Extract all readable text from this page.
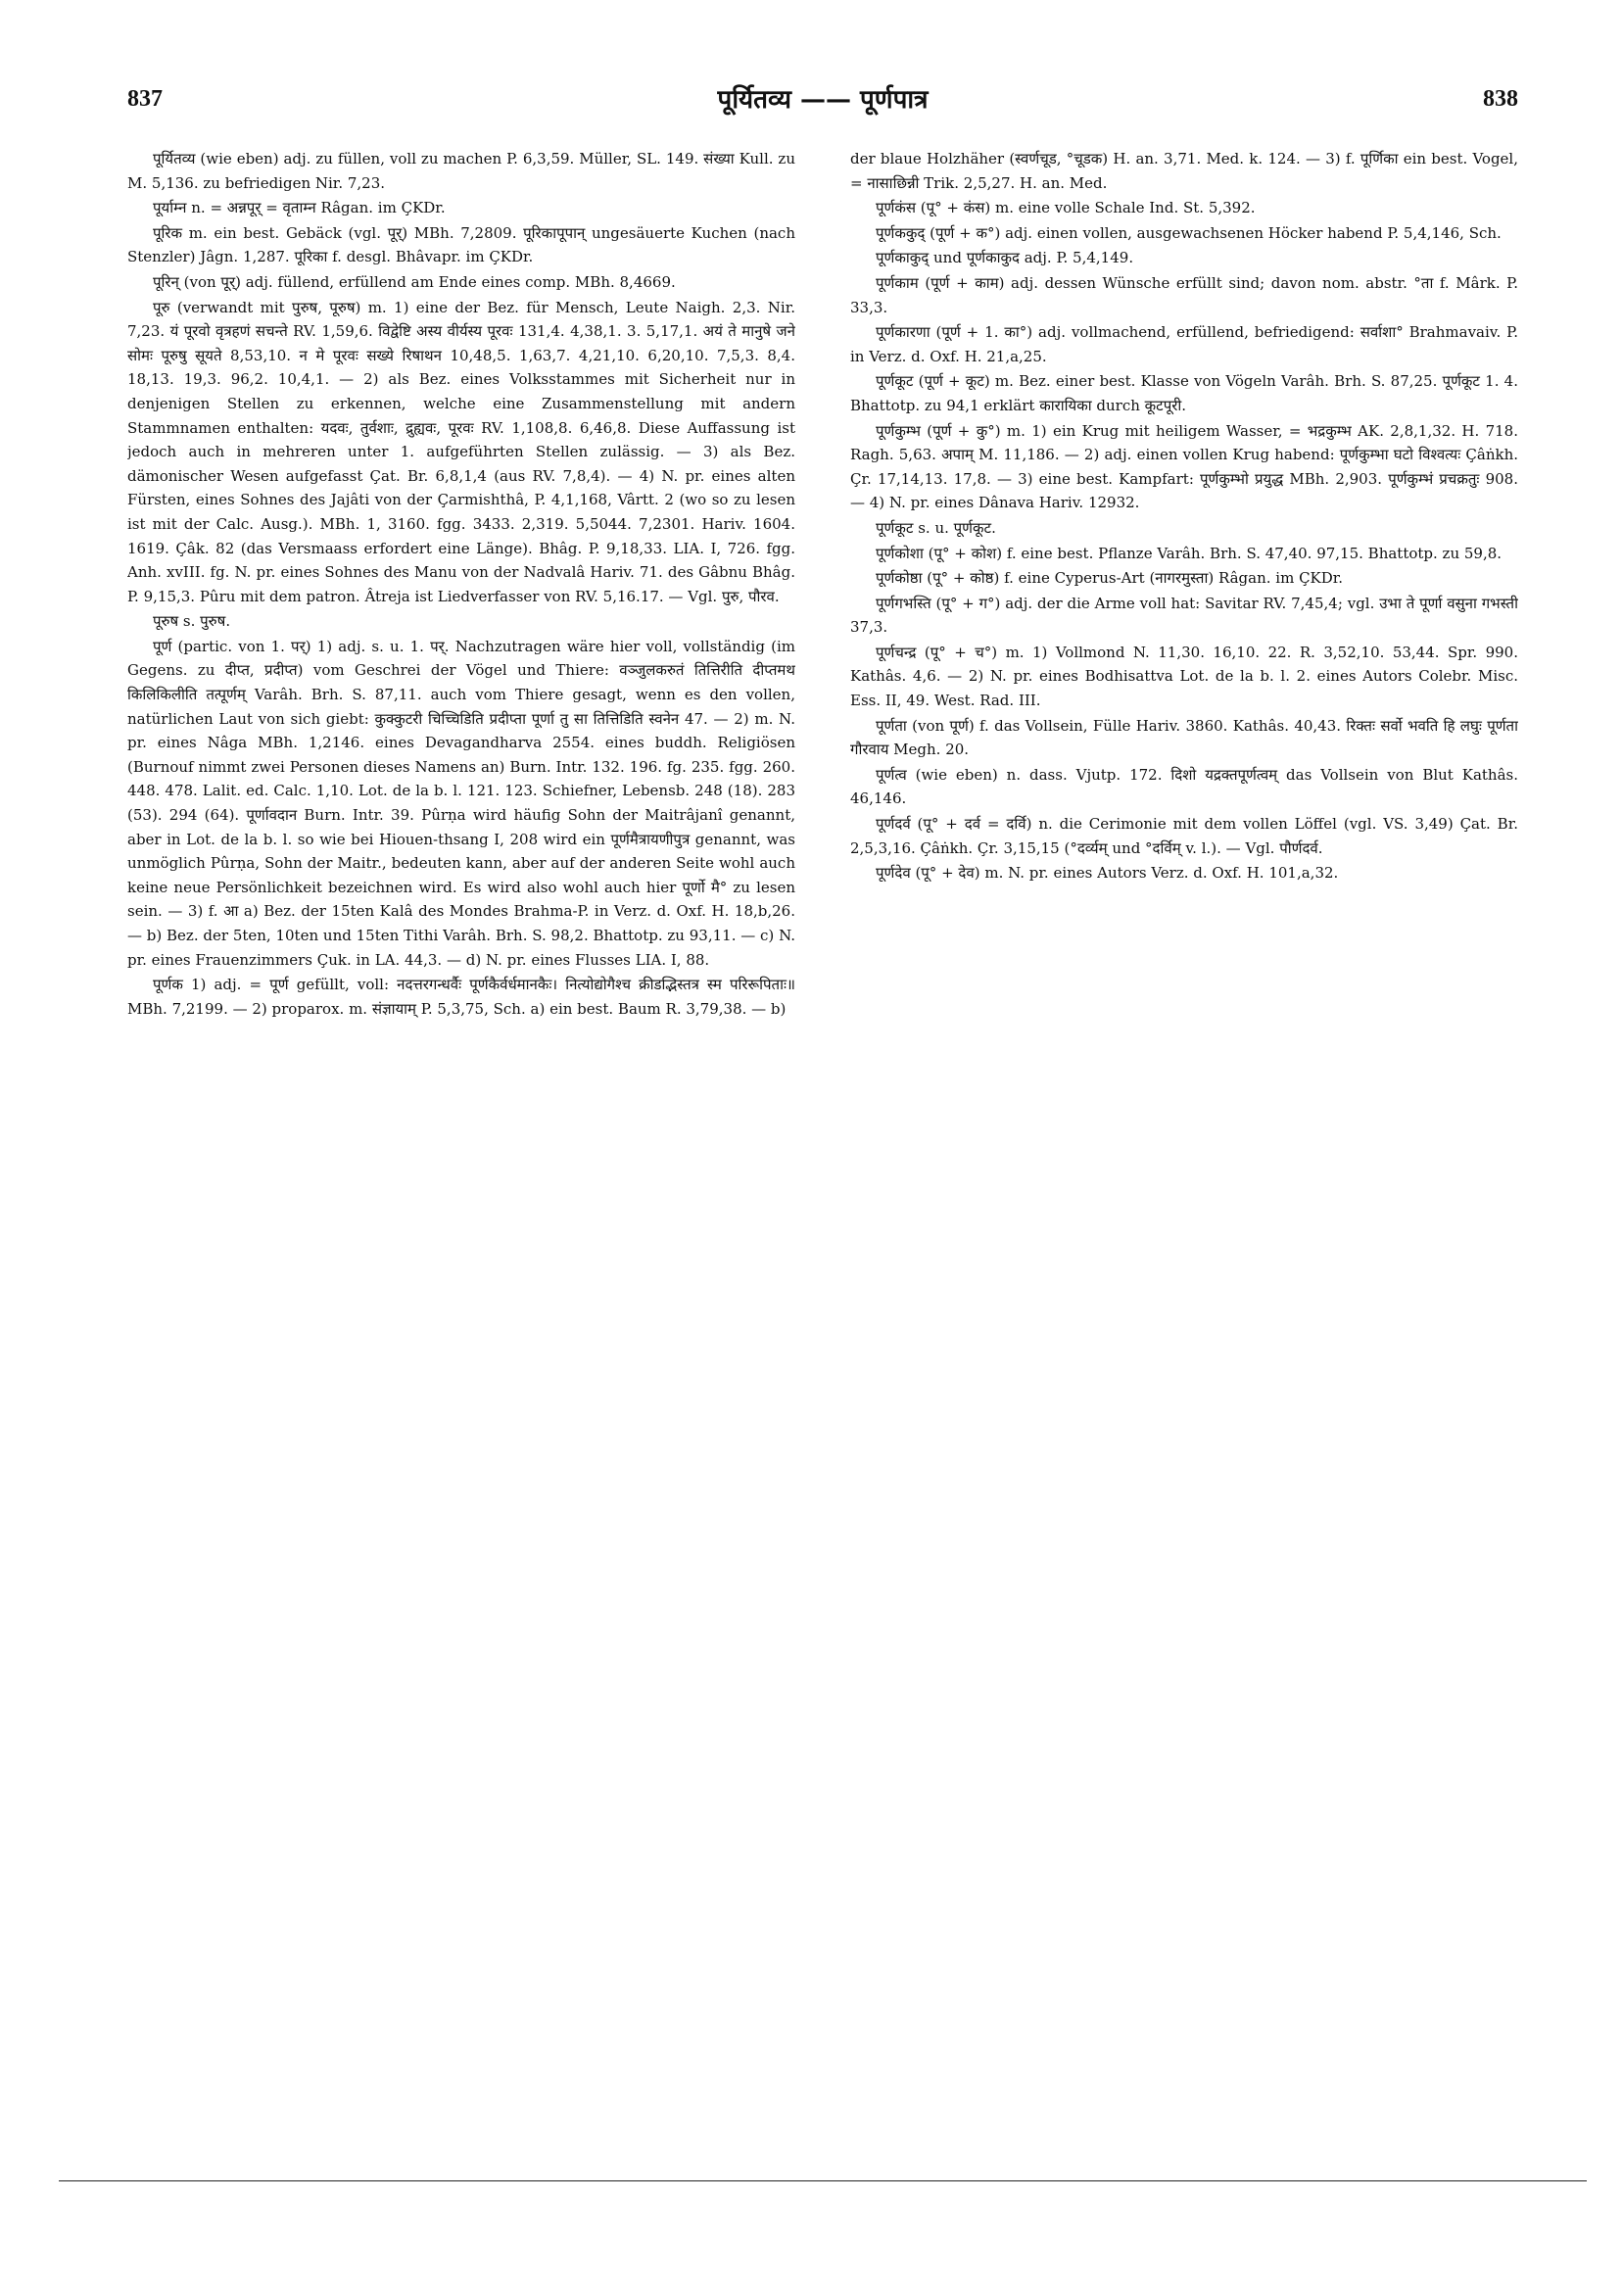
837	पूर्यितव्य —— पूर्णपात्र	838

पूर्यितव्य (wie eben) adj. zu füllen, voll zu machen P. 6,3,59. Müller, SL. 149. संख्या Kull. zu M. 5,136. zu befriedigen Nir. 7,23.

पूर्याम्न n. = अन्नपूर् = वृताम्न Râgan. im ÇKDr.

पूरिक m. ein best. Gebäck (vgl. पूर्) MBh. 7,2809. पूरिकापूपान् ungesäuerte Kuchen (nach Stenzler) Jâgn. 1,287. पूरिका f. desgl. Bhâvapr. im ÇKDr.

पूरिन् (von पूर्) adj. füllend, erfüllend am Ende eines comp. MBh. 8,4669.

पूरु (verwandt mit पुरुष, पूरुष) m. 1) eine der Bez. für Mensch, Leute Naigh. 2,3. Nir. 7,23. यं पूरवो वृत्रहणं सचन्ते RV. 1,59,6. विद्वेष्टि अस्य वीर्यस्य पूरवः 131,4. 4,38,1. 3. 5,17,1. अयं ते मानुषे जने सोमः पूरुषु सूयते 8,53,10. न मे पूरवः सख्ये रिषाथन 10,48,5. 1,63,7. 4,21,10. 6,20,10. 7,5,3. 8,4. 18,13. 19,3. 96,2. 10,4,1. — 2) als Bez. eines Volksstammes mit Sicherheit nur in denjenigen Stellen zu erkennen, welche eine Zusammenstellung mit andern Stammnamen enthalten: यदवः, तुर्वशाः, द्रुह्यवः, पूरवः RV. 1,108,8. 6,46,8. Diese Auffassung ist jedoch auch in mehreren unter 1. aufgeführten Stellen zulässig. — 3) als Bez. dämonischer Wesen aufgefasst Çat. Br. 6,8,1,4 (aus RV. 7,8,4). — 4) N. pr. eines alten Fürsten, eines Sohnes des Jajâti von der Çarmishthâ, P. 4,1,168, Vârtt. 2 (wo so zu lesen ist mit der Calc. Ausg.). MBh. 1, 3160. fgg. 3433. 2,319. 5,5044. 7,2301. Hariv. 1604. 1619. Çâk. 82 (das Versmaass erfordert eine Länge). Bhâg. P. 9,18,33. LIA. I, 726. fgg. Anh. xvIII. fg. N. pr. eines Sohnes des Manu von der Nadvalâ Hariv. 71. des Gâbnu Bhâg. P. 9,15,3. Pûru mit dem patron. Âtreja ist Liedverfasser von RV. 5,16.17. — Vgl. पुरु, पौरव.

पूरुष s. पुरुष.

पूर्ण (partic. von 1. पर्) 1) adj. s. u. 1. पर्. Nachzutragen wäre hier voll, vollständig (im Gegens. zu दीप्त, प्रदीप्त) vom Geschrei der Vögel und Thiere: वञ्जुलकरुतं तित्तिरीति दीप्तमथ किलिकिलीति तत्पूर्णम् Varâh. Brh. S. 87,11. auch vom Thiere gesagt, wenn es den vollen, natürlichen Laut von sich giebt: कुक्कुटरी चिच्चिडिति प्रदीप्ता पूर्णा तु सा तित्तिडिति स्वनेन 47. — 2) m. N. pr. eines Nâga MBh. 1,2146. eines Devagandharva 2554. eines buddh. Religiösen (Burnouf nimmt zwei Personen dieses Namens an) Burn. Intr. 132. 196. fg. 235. fgg. 260. 448. 478. Lalit. ed. Calc. 1,10. Lot. de la b. l. 121. 123. Schiefner, Lebensb. 248 (18). 283 (53). 294 (64). पूर्णावदान Burn. Intr. 39. Pûrṇa wird häufig Sohn der Maitrâjanî genannt, aber in Lot. de la b. l. so wie bei Hiouen-thsang I, 208 wird ein पूर्णमैत्रायणीपुत्र genannt, was unmöglich Pûrṇa, Sohn der Maitr., bedeuten kann, aber auf der anderen Seite wohl auch keine neue Persönlichkeit bezeichnen wird. Es wird also wohl auch hier पूर्णो मै° zu lesen sein. — 3) f. आ a) Bez. der 15ten Kalâ des Mondes Brahma-P. in Verz. d. Oxf. H. 18,b,26. — b) Bez. der 5ten, 10ten und 15ten Tithi Varâh. Brh. S. 98,2. Bhattotp. zu 93,11. — c) N. pr. eines Frauenzimmers Çuk. in LA. 44,3. — d) N. pr. eines Flusses LIA. I, 88.

पूर्णक 1) adj. = पूर्ण gefüllt, voll: नदत्तरगन्धर्वैः पूर्णकैर्वर्धमानकैः। नित्योद्योगैश्च क्रीडद्भिस्तत्र स्म परिरूपिताः॥ MBh. 7,2199. — 2) proparox. m. संज्ञायाम् P. 5,3,75, Sch. a) ein best. Baum R. 3,79,38. — b)

der blaue Holzhäher (स्वर्णचूड, °चूडक) H. an. 3,71. Med. k. 124. — 3) f. पूर्णिका ein best. Vogel, = नासाछिन्नी Trik. 2,5,27. H. an. Med.

पूर्णकंस (पू° + कंस) m. eine volle Schale Ind. St. 5,392.

पूर्णककुद् (पूर्ण + क°) adj. einen vollen, ausgewachsenen Höcker habend P. 5,4,146, Sch.

पूर्णकाकुद् und पूर्णकाकुद adj. P. 5,4,149.

पूर्णकाम (पूर्ण + काम) adj. dessen Wünsche erfüllt sind; davon nom. abstr. °ता f. Mârk. P. 33,3.

पूर्णकारणा (पूर्ण + 1. का°) adj. vollmachend, erfüllend, befriedigend: सर्वाशा° Brahmavaiv. P. in Verz. d. Oxf. H. 21,a,25.

पूर्णकूट (पूर्ण + कूट) m. Bez. einer best. Klasse von Vögeln Varâh. Brh. S. 87,25. पूर्णकूट 1. 4. Bhattotp. zu 94,1 erklärt कारायिका durch कूटपूरी.

पूर्णकुम्भ (पूर्ण + कु°) m. 1) ein Krug mit heiligem Wasser, = भद्रकुम्भ AK. 2,8,1,32. H. 718. Ragh. 5,63. अपाम् M. 11,186. — 2) adj. einen vollen Krug habend: पूर्णकुम्भा घटो विश्वत्यः Çâṅkh. Çr. 17,14,13. 17,8. — 3) eine best. Kampfart: पूर्णकुम्भो प्रयुद्ध MBh. 2,903. पूर्णकुम्भं प्रचक्रतुः 908. — 4) N. pr. eines Dânava Hariv. 12932.

पूर्णकूट s. u. पूर्णकूट.

पूर्णकोशा (पू° + कोश) f. eine best. Pflanze Varâh. Brh. S. 47,40. 97,15. Bhattotp. zu 59,8.

पूर्णकोष्ठा (पू° + कोष्ठ) f. eine Cyperus-Art (नागरमुस्ता) Râgan. im ÇKDr.

पूर्णगभस्ति (पू° + ग°) adj. der die Arme voll hat: Savitar RV. 7,45,4; vgl. उभा ते पूर्णा वसुना गभस्ती 37,3.

पूर्णचन्द्र (पू° + च°) m. 1) Vollmond N. 11,30. 16,10. 22. R. 3,52,10. 53,44. Spr. 990. Kathâs. 4,6. — 2) N. pr. eines Bodhisattva Lot. de la b. l. 2. eines Autors Colebr. Misc. Ess. II, 49. West. Rad. III.

पूर्णता (von पूर्ण) f. das Vollsein, Fülle Hariv. 3860. Kathâs. 40,43. रिक्तः सर्वो भवति हि लघुः पूर्णता गौरवाय Megh. 20.

पूर्णत्व (wie eben) n. dass. Vjutp. 172. दिशो यद्रक्तपूर्णत्वम् das Vollsein von Blut Kathâs. 46,146.

पूर्णदर्व (पू° + दर्व = दर्वि) n. die Cerimonie mit dem vollen Löffel (vgl. VS. 3,49) Çat. Br. 2,5,3,16. Çâṅkh. Çr. 3,15,15 (°दर्व्यम् und °दर्विम् v. l.). — Vgl. पौर्णदर्व.

पूर्णदेव (पू° + देव) m. N. pr. eines Autors Verz. d. Oxf. H. 101,a,32.
